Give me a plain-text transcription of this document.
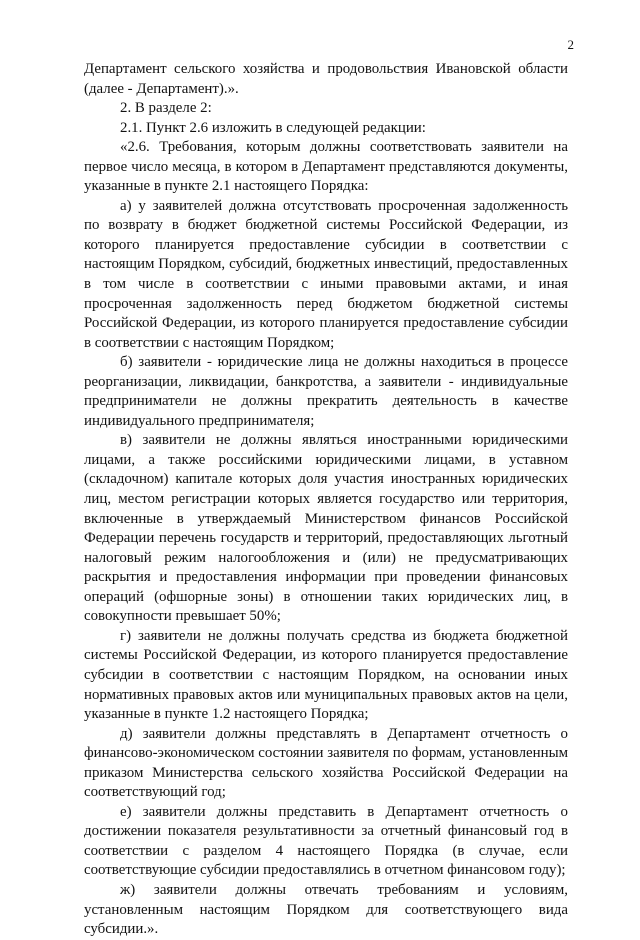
2

Департамент сельского хозяйства и продовольствия Ивановской области (далее - Департамент).».

2. В разделе 2:

2.1. Пункт 2.6 изложить в следующей редакции:

«2.6. Требования, которым должны соответствовать заявители на первое число месяца, в котором в Департамент представляются документы, указанные в пункте 2.1 настоящего Порядка:

а) у заявителей должна отсутствовать просроченная задолженность по возврату в бюджет бюджетной системы Российской Федерации, из которого планируется предоставление субсидии в соответствии с настоящим Порядком, субсидий, бюджетных инвестиций, предоставленных в том числе в соответствии с иными правовыми актами, и иная просроченная задолженность перед бюджетом бюджетной системы Российской Федерации, из которого планируется предоставление субсидии в соответствии с настоящим Порядком;

б) заявители - юридические лица не должны находиться в процессе реорганизации, ликвидации, банкротства, а заявители - индивидуальные предприниматели не должны прекратить деятельность в качестве индивидуального предпринимателя;

в) заявители не должны являться иностранными юридическими лицами, а также российскими юридическими лицами, в уставном (складочном) капитале которых доля участия иностранных юридических лиц, местом регистрации которых является государство или территория, включенные в утверждаемый Министерством финансов Российской Федерации перечень государств и территорий, предоставляющих льготный налоговый режим налогообложения и (или) не предусматривающих раскрытия и предоставления информации при проведении финансовых операций (офшорные зоны) в отношении таких юридических лиц, в совокупности превышает 50%;

г) заявители не должны получать средства из бюджета бюджетной системы Российской Федерации, из которого планируется предоставление субсидии в соответствии с настоящим Порядком, на основании иных нормативных правовых актов или муниципальных правовых актов на цели, указанные в пункте 1.2 настоящего Порядка;

д) заявители должны представлять в Департамент отчетность о финансово-экономическом состоянии заявителя по формам, установленным приказом Министерства сельского хозяйства Российской Федерации на соответствующий год;

е) заявители должны представить в Департамент отчетность о достижении показателя результативности за отчетный финансовый год в соответствии с разделом 4 настоящего Порядка (в случае, если соответствующие субсидии предоставлялись в отчетном финансовом году);

ж) заявители должны отвечать требованиям и условиям, установленным настоящим Порядком для соответствующего вида субсидии.».
